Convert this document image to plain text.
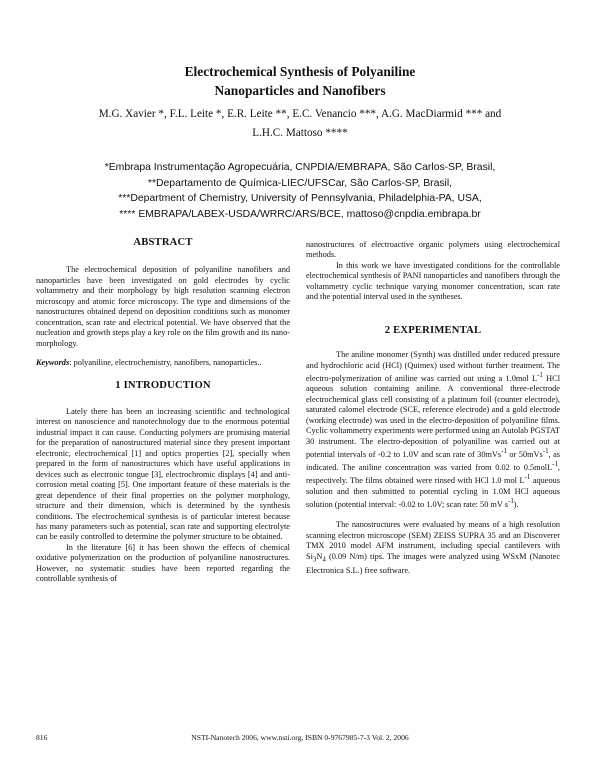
Electrochemical Synthesis of Polyaniline
Nanoparticles and Nanofibers
M.G. Xavier *, F.L. Leite *, E.R. Leite **, E.C. Venancio ***, A.G. MacDiarmid *** and
L.H.C. Mattoso ****
*Embrapa Instrumentação Agropecuária, CNPDIA/EMBRAPA, São Carlos-SP, Brasil,
**Departamento de Química-LIEC/UFSCar, São Carlos-SP, Brasil,
***Department of Chemistry, University of Pennsylvania, Philadelphia-PA, USA,
**** EMBRAPA/LABEX-USDA/WRRC/ARS/BCE, mattoso@cnpdia.embrapa.br
ABSTRACT

The electrochemical deposition of polyaniline nanofibers and nanoparticles have been investigated on gold electrodes by cyclic voltammetry and their morphology by high resolution scanning electron microscopy and atomic force microscopy. The type and dimensions of the nanostructures obtained depend on deposition conditions such as monomer concentration, scan rate and electrical potential. We have observed that the nucleation and growth steps play a key role on the film growth and its nano-morphology.

Keywords: polyaniline, electrochemistry, nanofibers, nanoparticles..

1 INTRODUCTION

Lately there has been an increasing scientific and technological interest on nanoscience and nanotechnology due to the enormous potential industrial impact it can cause. Conducting polymers are promising material for the preparation of nanostructured material since they present important electronic, electrochemical [1] and optics properties [2], specially when prepared in the form of nanostructures which have useful applications in devices such as electronic tongue [3], electrochromic displays [4] and anti-corrosion metal coating [5]. One important feature of these materials is the great dependence of their final properties on the polymer morphology, structure and their dimension, which is determined by the synthesis conditions. The electrochemical synthesis is of particular interest because has many parameters such as potential, scan rate and supporting electrolyte can be easily controlled to determine the polymer structure to be obtained.

In the literature [6] it has been shown the effects of chemical oxidative polymerization on the production of polyaniline nanostructures. However, no systematic studies have been reported regarding the controllable synthesis of

nanostructures of electroactive organic polymers using electrochemical methods.

In this work we have investigated conditions for the controllable electrochemical synthesis of PANI nanoparticles and nanofibers through the voltammetry cyclic technique varying monomer concentration, scan rate and the potential interval used in the syntheses.

2 EXPERIMENTAL

The aniline monomer (Synth) was distilled under reduced pressure and hydrochloric acid (HCl) (Quimex) used without further treatment. The electro-polymerization of aniline was carried out using a 1.0mol $L^{-1}$ HCl aqueous solution containing aniline. A conventional three-electrode electrochemical glass cell consisting of a platinum foil (counter electrode), saturated calomel electrode (SCE, reference electrode) and a gold electrode (working electrode) was used in the electro-deposition of polyaniline films. Cyclic voltammetry experiments were performed using an Autolab PGSTAT 30 instrument. The electro-deposition of polyaniline was carried out at potential intervals of -0.2 to 1.0V and scan rate of 30mVs$^{-1}$ or 50mVs$^{-1}$, as indicated. The aniline concentration was varied from 0.02 to 0.5molL$^{-1}$, respectively. The films obtained were rinsed with HCl 1.0 mol $L^{-1}$ aqueous solution and then submitted to potential cycling in 1.0M HCl aqueous solution (potential interval: -0.02 to 1.0V; scan rate: 50 mV $s^{-1}$).

The nanostructures were evaluated by means of a high resolution scanning electron microscope (SEM) ZEISS SUPRA 35 and an Discoverer TMX 2010 model AFM instrument, including special cantilevers with $Si_3N_4$ (0.09 N/m) tips. The images were analyzed using WSxM (Nanotec Electronica S.L.) free software.

NSTI-Nanotech 2006, www.nsti.org, ISBN 0-9767985-7-3 Vol. 2, 2006
816
